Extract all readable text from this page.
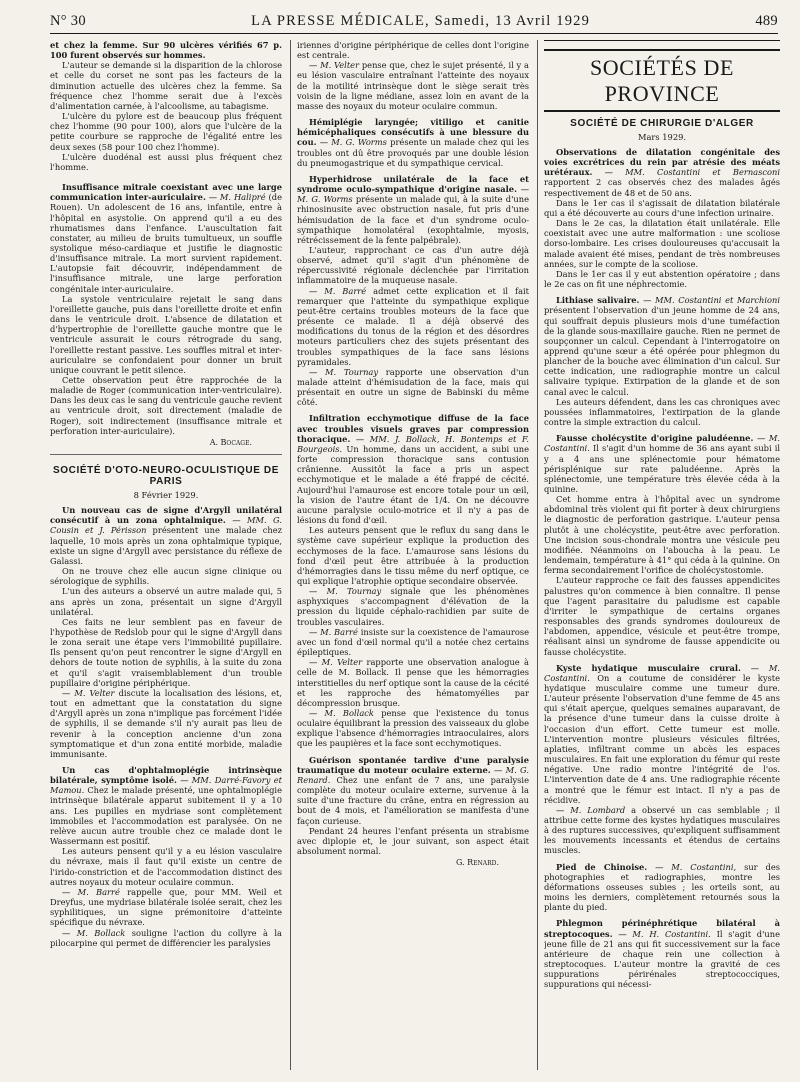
N° 30	LA PRESSE MÉDICALE, Samedi, 13 Avril 1929	489

et chez la femme. Sur 90 ulcères vérifiés 67 p. 100 furent observés sur hommes.

L'auteur se demande si la disparition de la chlorose et celle du corset ne sont pas les facteurs de la diminution actuelle des ulcères chez la femme. Sa fréquence chez l'homme serait due à l'excès d'alimentation carnée, à l'alcoolisme, au tabagisme.

L'ulcère du pylore est de beaucoup plus fréquent chez l'homme (90 pour 100), alors que l'ulcère de la petite courbure se rapproche de l'égalité entre les deux sexes (58 pour 100 chez l'homme).

L'ulcère duodénal est aussi plus fréquent chez l'homme.

Insuffisance mitrale coexistant avec une large communication inter-auriculaire. — M. Halipré (de Rouen). Un adolescent de 16 ans, infantile, entre à l'hôpital en asystolie. On apprend qu'il a eu des rhumatismes dans l'enfance. L'auscultation fait constater, au milieu de bruits tumultueux, un souffle systolique méso-cardiaque et justifie le diagnostic d'insuffisance mitrale. La mort survient rapidement. L'autopsie fait découvrir, indépendamment de l'insuffisance mitrale, une large perforation congénitale inter-auriculaire.

La systole ventriculaire rejetait le sang dans l'oreillette gauche, puis dans l'oreillette droite et enfin dans le ventricule droit. L'absence de dilatation et d'hypertrophie de l'oreillette gauche montre que le ventricule assurait le cours rétrograde du sang, l'oreillette restant passive. Les souffles mitral et inter-auriculaire se confondaient pour donner un bruit unique couvrant le petit silence.

Cette observation peut être rapprochée de la maladie de Roger (communication inter-ventriculaire). Dans les deux cas le sang du ventricule gauche revient au ventricule droit, soit directement (maladie de Roger), soit indirectement (insuffisance mitrale et perforation inter-auriculaire).

A. Bocage.

SOCIÉTÉ D'OTO-NEURO-OCULISTIQUE DE PARIS
8 Février 1929.

Un nouveau cas de signe d'Argyll unilatéral consécutif à un zona ophtalmique. — MM. G. Cousin et J. Périsson présentent une malade chez laquelle, 10 mois après un zona ophtalmique typique, existe un signe d'Argyll avec persistance du réflexe de Galassi.

On ne trouve chez elle aucun signe clinique ou sérologique de syphilis.

L'un des auteurs a observé un autre malade qui, 5 ans après un zona, présentait un signe d'Argyll unilatéral.

Ces faits ne leur semblent pas en faveur de l'hypothèse de Redslob pour qui le signe d'Argyll dans le zona serait une étape vers l'immobilité pupillaire. Ils pensent qu'on peut rencontrer le signe d'Argyll en dehors de toute notion de syphilis, à la suite du zona et qu'il s'agit vraisemblablement d'un trouble pupillaire d'origine périphérique.

— M. Velter discute la localisation des lésions, et, tout en admettant que la constatation du signe d'Argyll après un zona n'implique pas forcément l'idée de syphilis, il se demande s'il n'y aurait pas lieu de revenir à la conception ancienne d'un zona symptomatique et d'un zona entité morbide, maladie immunisante.

Un cas d'ophtalmoplégie intrinsèque bilatérale, symptôme isolé. — MM. Darré-Favory et Mamou. Chez le malade présenté, une ophtalmoplégie intrinsèque bilatérale apparut subitement il y a 10 ans. Les pupilles en mydriase sont complètement immobiles et l'accommodation est paralysée. On ne relève aucun autre trouble chez ce malade dont le Wassermann est positif.

Les auteurs pensent qu'il y a eu lésion vasculaire du névraxe, mais il faut qu'il existe un centre de l'irido-constriction et de l'accommodation distinct des autres noyaux du moteur oculaire commun.

— M. Barré rappelle que, pour MM. Weil et Dreyfus, une mydriase bilatérale isolée serait, chez les syphilitiques, un signe prémonitoire d'atteinte spécifique du névraxe.

— M. Bollack souligne l'action du collyre à la pilocarpine qui permet de différencier les paralysies

iriennes d'origine périphérique de celles dont l'origine est centrale.

— M. Velter pense que, chez le sujet présenté, il y a eu lésion vasculaire entraînant l'atteinte des noyaux de la motilité intrinsèque dont le siège serait très voisin de la ligne médiane, assez loin en avant de la masse des noyaux du moteur oculaire commun.

Hémiplégie laryngée; vitiligo et canitie hémicéphaliques consécutifs à une blessure du cou. — M. G. Worms présente un malade chez qui les troubles ont dû être provoqués par une double lésion du pneumogastrique et du sympathique cervical.

Hyperhidrose unilatérale de la face et syndrome oculo-sympathique d'origine nasale. — M. G. Worms présente un malade qui, à la suite d'une rhinosinusite avec obstruction nasale, fut pris d'une hémisudation de la face et d'un syndrome oculo-sympathique homolatéral (exophtalmie, myosis, rétrécissement de la fente palpébrale).

L'auteur, rapprochant ce cas d'un autre déjà observé, admet qu'il s'agit d'un phénomène de répercussivité régionale déclenchée par l'irritation inflammatoire de la muqueuse nasale.

— M. Barré admet cette explication et il fait remarquer que l'atteinte du sympathique explique peut-être certains troubles moteurs de la face que présente ce malade. Il a déjà observé des modifications du tonus de la région et des désordres moteurs particuliers chez des sujets présentant des troubles sympathiques de la face sans lésions pyramidales.

— M. Tournay rapporte une observation d'un malade atteint d'hémisudation de la face, mais qui présentait en outre un signe de Babinski du même côté.

Infiltration ecchymotique diffuse de la face avec troubles visuels graves par compression thoracique. — MM. J. Bollack, H. Bontemps et F. Bourgeois. Un homme, dans un accident, a subi une forte compression thoracique sans contusion crânienne. Aussitôt la face a pris un aspect ecchymotique et le malade a été frappé de cécité. Aujourd'hui l'amaurose est encore totale pour un œil, la vision de l'autre étant de 1/4. On ne découvre aucune paralysie oculo-motrice et il n'y a pas de lésions du fond d'œil.

Les auteurs pensent que le reflux du sang dans le système cave supérieur explique la production des ecchymoses de la face. L'amaurose sans lésions du fond d'œil peut être attribuée à la production d'hémorragies dans le tissu même du nerf optique, ce qui explique l'atrophie optique secondaire observée.

— M. Tournay signale que les phénomènes asphyxiques s'accompagnent d'élévation de la pression du liquide céphalo-rachidien par suite de troubles vasculaires.

— M. Barré insiste sur la coexistence de l'amaurose avec un fond d'œil normal qu'il a notée chez certains épileptiques.

— M. Velter rapporte une observation analogue à celle de M. Bollack. Il pense que les hémorragies interstitielles du nerf optique sont la cause de la cécité et les rapproche des hématomyélies par décompression brusque.

— M. Bollack pense que l'existence du tonus oculaire équilibrant la pression des vaisseaux du globe explique l'absence d'hémorragies intraoculaires, alors que les paupières et la face sont ecchymotiques.

Guérison spontanée tardive d'une paralysie traumatique du moteur oculaire externe. — M. G. Renard. Chez une enfant de 7 ans, une paralysie complète du moteur oculaire externe, survenue à la suite d'une fracture du crâne, entra en régression au bout de 4 mois, et l'amélioration se manifesta d'une façon curieuse.

Pendant 24 heures l'enfant présenta un strabisme avec diplopie et, le jour suivant, son aspect était absolument normal.

G. Renard.

SOCIÉTÉS DE PROVINCE
SOCIÉTÉ DE CHIRURGIE D'ALGER
Mars 1929.

Observations de dilatation congénitale des voies excrétrices du rein par atrésie des méats urétéraux. — MM. Costantini et Bernasconi rapportent 2 cas observés chez des malades âgés respectivement de 48 et de 50 ans.

Dans le 1er cas il s'agissait de dilatation bilatérale qui a été découverte au cours d'une infection urinaire.

Dans le 2e cas, la dilatation était unilatérale. Elle coexistait avec une autre malformation : une scoliose dorso-lombaire. Les crises douloureuses qu'accusait la malade avaient été mises, pendant de très nombreuses années, sur le compte de la scoliose.

Dans le 1er cas il y eut abstention opératoire ; dans le 2e cas on fit une néphrectomie.

Lithiase salivaire. — MM. Costantini et Marchioni présentent l'observation d'un jeune homme de 24 ans, qui souffrait depuis plusieurs mois d'une tuméfaction de la glande sous-maxillaire gauche. Rien ne permet de soupçonner un calcul. Cependant à l'interrogatoire on apprend qu'une sœur a été opérée pour phlegmon du plancher de la bouche avec élimination d'un calcul. Sur cette indication, une radiographie montre un calcul salivaire typique. Extirpation de la glande et de son canal avec le calcul.

Les auteurs défendent, dans les cas chroniques avec poussées inflammatoires, l'extirpation de la glande contre la simple extraction du calcul.

Fausse cholécystite d'origine paludéenne. — M. Costantini. Il s'agit d'un homme de 36 ans ayant subi il y a 4 ans une splénectomie pour hématome périsplénique sur rate paludéenne. Après la splénectomie, une température très élevée céda à la quinine.

Cet homme entra à l'hôpital avec un syndrome abdominal très violent qui fit porter à deux chirurgiens le diagnostic de perforation gastrique. L'auteur pensa plutôt à une cholécystite, peut-être avec perforation. Une incision sous-chondrale montra une vésicule peu modifiée. Néanmoins on l'aboucha à la peau. Le lendemain, température à 41° qui céda à la quinine. On ferma secondairement l'orifice de cholécystostomie.

L'auteur rapproche ce fait des fausses appendicites palustres qu'on commence à bien connaître. Il pense que l'agent parasitaire du paludisme est capable d'irriter le sympathique de certains organes responsables des grands syndromes douloureux de l'abdomen, appendice, vésicule et peut-être trompe, réalisant ainsi un syndrome de fausse appendicite ou fausse cholécystite.

Kyste hydatique musculaire crural. — M. Costantini. On a coutume de considérer le kyste hydatique musculaire comme une tumeur dure. L'auteur présente l'observation d'une femme de 45 ans qui s'était aperçue, quelques semaines auparavant, de la présence d'une tumeur dans la cuisse droite à l'occasion d'un effort. Cette tumeur est molle. L'intervention montre plusieurs vésicules filtrées, aplaties, infiltrant comme un abcès les espaces musculaires. En fait une exploration du fémur qui reste négative. Une radio montre l'intégrité de l'os. L'intervention date de 4 ans. Une radiographie récente a montré que le fémur est intact. Il n'y a pas de récidive.

— M. Lombard a observé un cas semblable ; il attribue cette forme des kystes hydatiques musculaires à des ruptures successives, qu'expliquent suffisamment les mouvements incessants et étendus de certains muscles.

Pied de Chinoise. — M. Costantini, sur des photographies et radiographies, montre les déformations osseuses subies ; les orteils sont, au moins les derniers, complètement retournés sous la plante du pied.

Phlegmon périnéphrétique bilatéral à streptocoques. — M. H. Costantini. Il s'agit d'une jeune fille de 21 ans qui fit successivement sur la face antérieure de chaque rein une collection à streptocoques. L'auteur montre la gravité de ces suppurations périrénales streptococciques, suppurations qui nécessi-
